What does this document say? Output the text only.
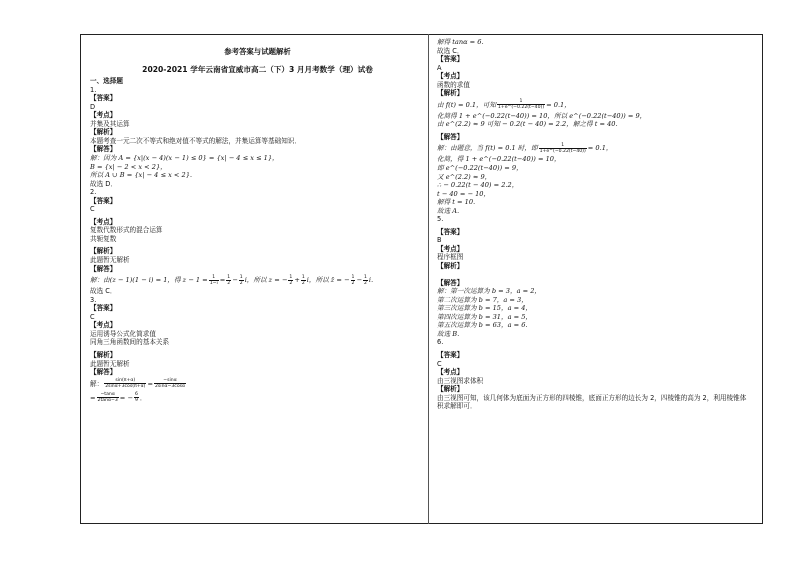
参考答案与试题解析
2020-2021 学年云南省宣威市高二（下）3 月月考数学（理）试卷
一、选择题
1.
【答案】
D
【考点】
并集及其运算
【解析】
本题考查一元二次不等式和绝对值不等式的解法，并集运算等基础知识．
【解答】
解：因为 A = {x|(x − 4)(x − 1) ≤ 0} = {x| − 4 ≤ x ≤ 1}，
B = {x| − 2 < x < 2}，
所以 A ∪ B = {x| − 4 ≤ x < 2}．
故选 D．
2.
【答案】
C
【考点】
复数代数形式的混合运算
共轭复数
【解析】
此题暂无解析
【解答】
解：由(z − 1)(1 − i) = 1，得 $z - 1 = \frac{1}{1-i} = \frac{1}{2} - \frac{1}{2}$ i，所以 z = − $\frac{1}{2} + \frac{1}{2}$ i，所以 z̄ = − $\frac{1}{2} - \frac{1}{2}$ i．
故选 C．
3.
【答案】
C
【考点】
运用诱导公式化简求值
同角三角函数间的基本关系
【解析】
此题暂无解析
【解答】
解： $\frac{\sin(\pi+\alpha)}{2\sin\alpha+3\cos(\pi+\alpha)} = \frac{-\sin\alpha}{2\sin\alpha-3\cos\alpha}$
= $\frac{-\tan\alpha}{2\tan\alpha-3}$ = − $\frac{6}{9}$ ．
解得 tanα = 6．
故选 C．
【答案】
A
【考点】
函数的求值
【解析】
由 f(t) = 0.1，可知 $\frac{1}{1+e\^{}(-0.22(t-40))} = 0.1$，
化简得 1 + e^(−0.22(t−40)) = 10，所以 e^(−0.22(t−40)) = 9，
由 e^(2.2) ≈ 9 可知 − 0.2(t − 40) = 2.2，解之得 t = 40．
【解答】
解：由题意，当 f(t) = 0.1 时，即 $\frac{1}{1+e\^{}(-0.22(t-40))} = 0.1$，
化简，得 1 + e^(−0.22(t−40)) = 10，
即 e^(−0.22(t−40)) = 9，
又 e^(2.2) ≈ 9，
∴ − 0.22(t − 40) = 2.2，
t − 40 = − 10，
解得 t = 10．
故选 A．
5.
【答案】
B
【考点】
程序框图
【解析】
【解答】
解：第一次运算为 b = 3，a = 2，
第二次运算为 b = 7，a = 3，
第三次运算为 b = 15，a = 4，
第四次运算为 b = 31，a = 5，
第五次运算为 b = 63，a = 6．
故选 B．
6.
【答案】
C
【考点】
由三视图求体积
【解析】
由三视图可知，该几何体为底面为正方形的四棱锥，底面正方形的边长为 2，四棱锥的高为 2，利用棱锥体
积求解即可．
